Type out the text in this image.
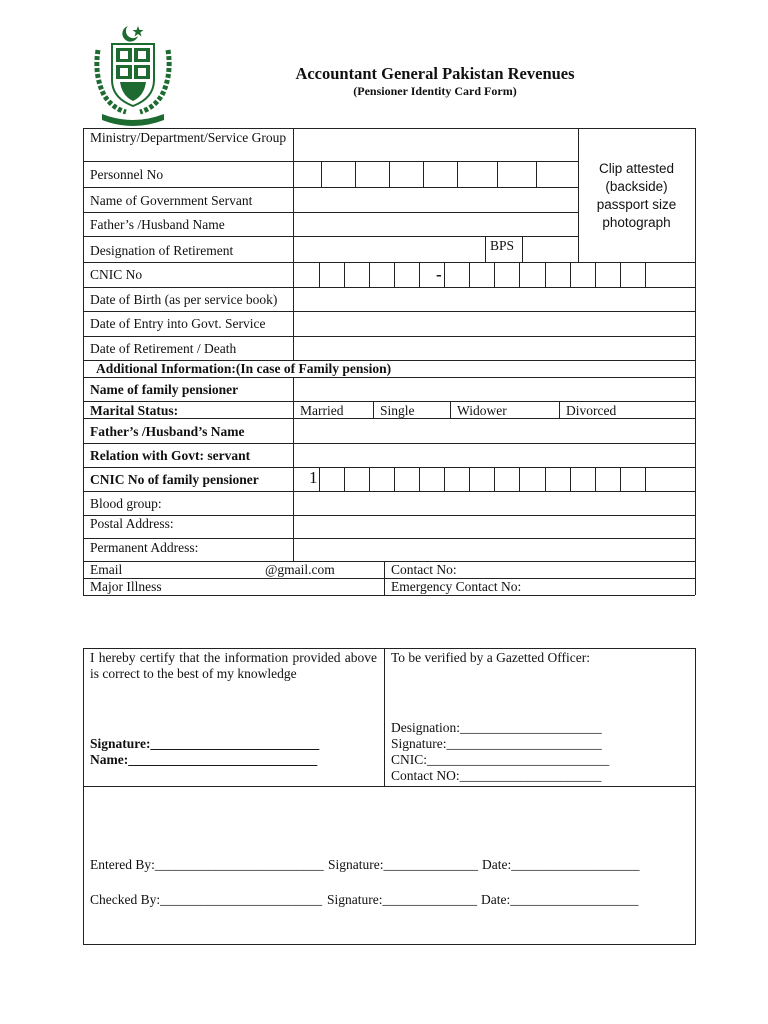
Accountant General Pakistan Revenues
(Pensioner Identity Card Form)
Ministry/Department/Service Group
Personnel No
Name of Government Servant
Father’s /Husband Name
Designation of Retirement	BPS
CNIC No	-
Date of Birth (as per service book)
Date of Entry into Govt. Service
Date of Retirement / Death
Clip attested
(backside)
passport size
photograph
Additional Information:(In case of Family pension)
Name of family pensioner
Marital Status:	Married	Single	Widower	Divorced
Father’s /Husband’s Name
Relation with Govt: servant
CNIC No of family pensioner	1
Blood group:
Postal Address:
Permanent Address:
Email	@gmail.com	Contact No:
Major Illness	Emergency Contact No:
I hereby certify that the information provided above is correct to the best of my knowledge
Signature:_________________________
Name:____________________________
To be verified by a Gazetted Officer:
Designation:_____________________
Signature:_______________________
CNIC:___________________________
Contact NO:_____________________
Entered By:_________________________ Signature:______________ Date:___________________
Checked By:________________________ Signature:______________ Date:___________________
